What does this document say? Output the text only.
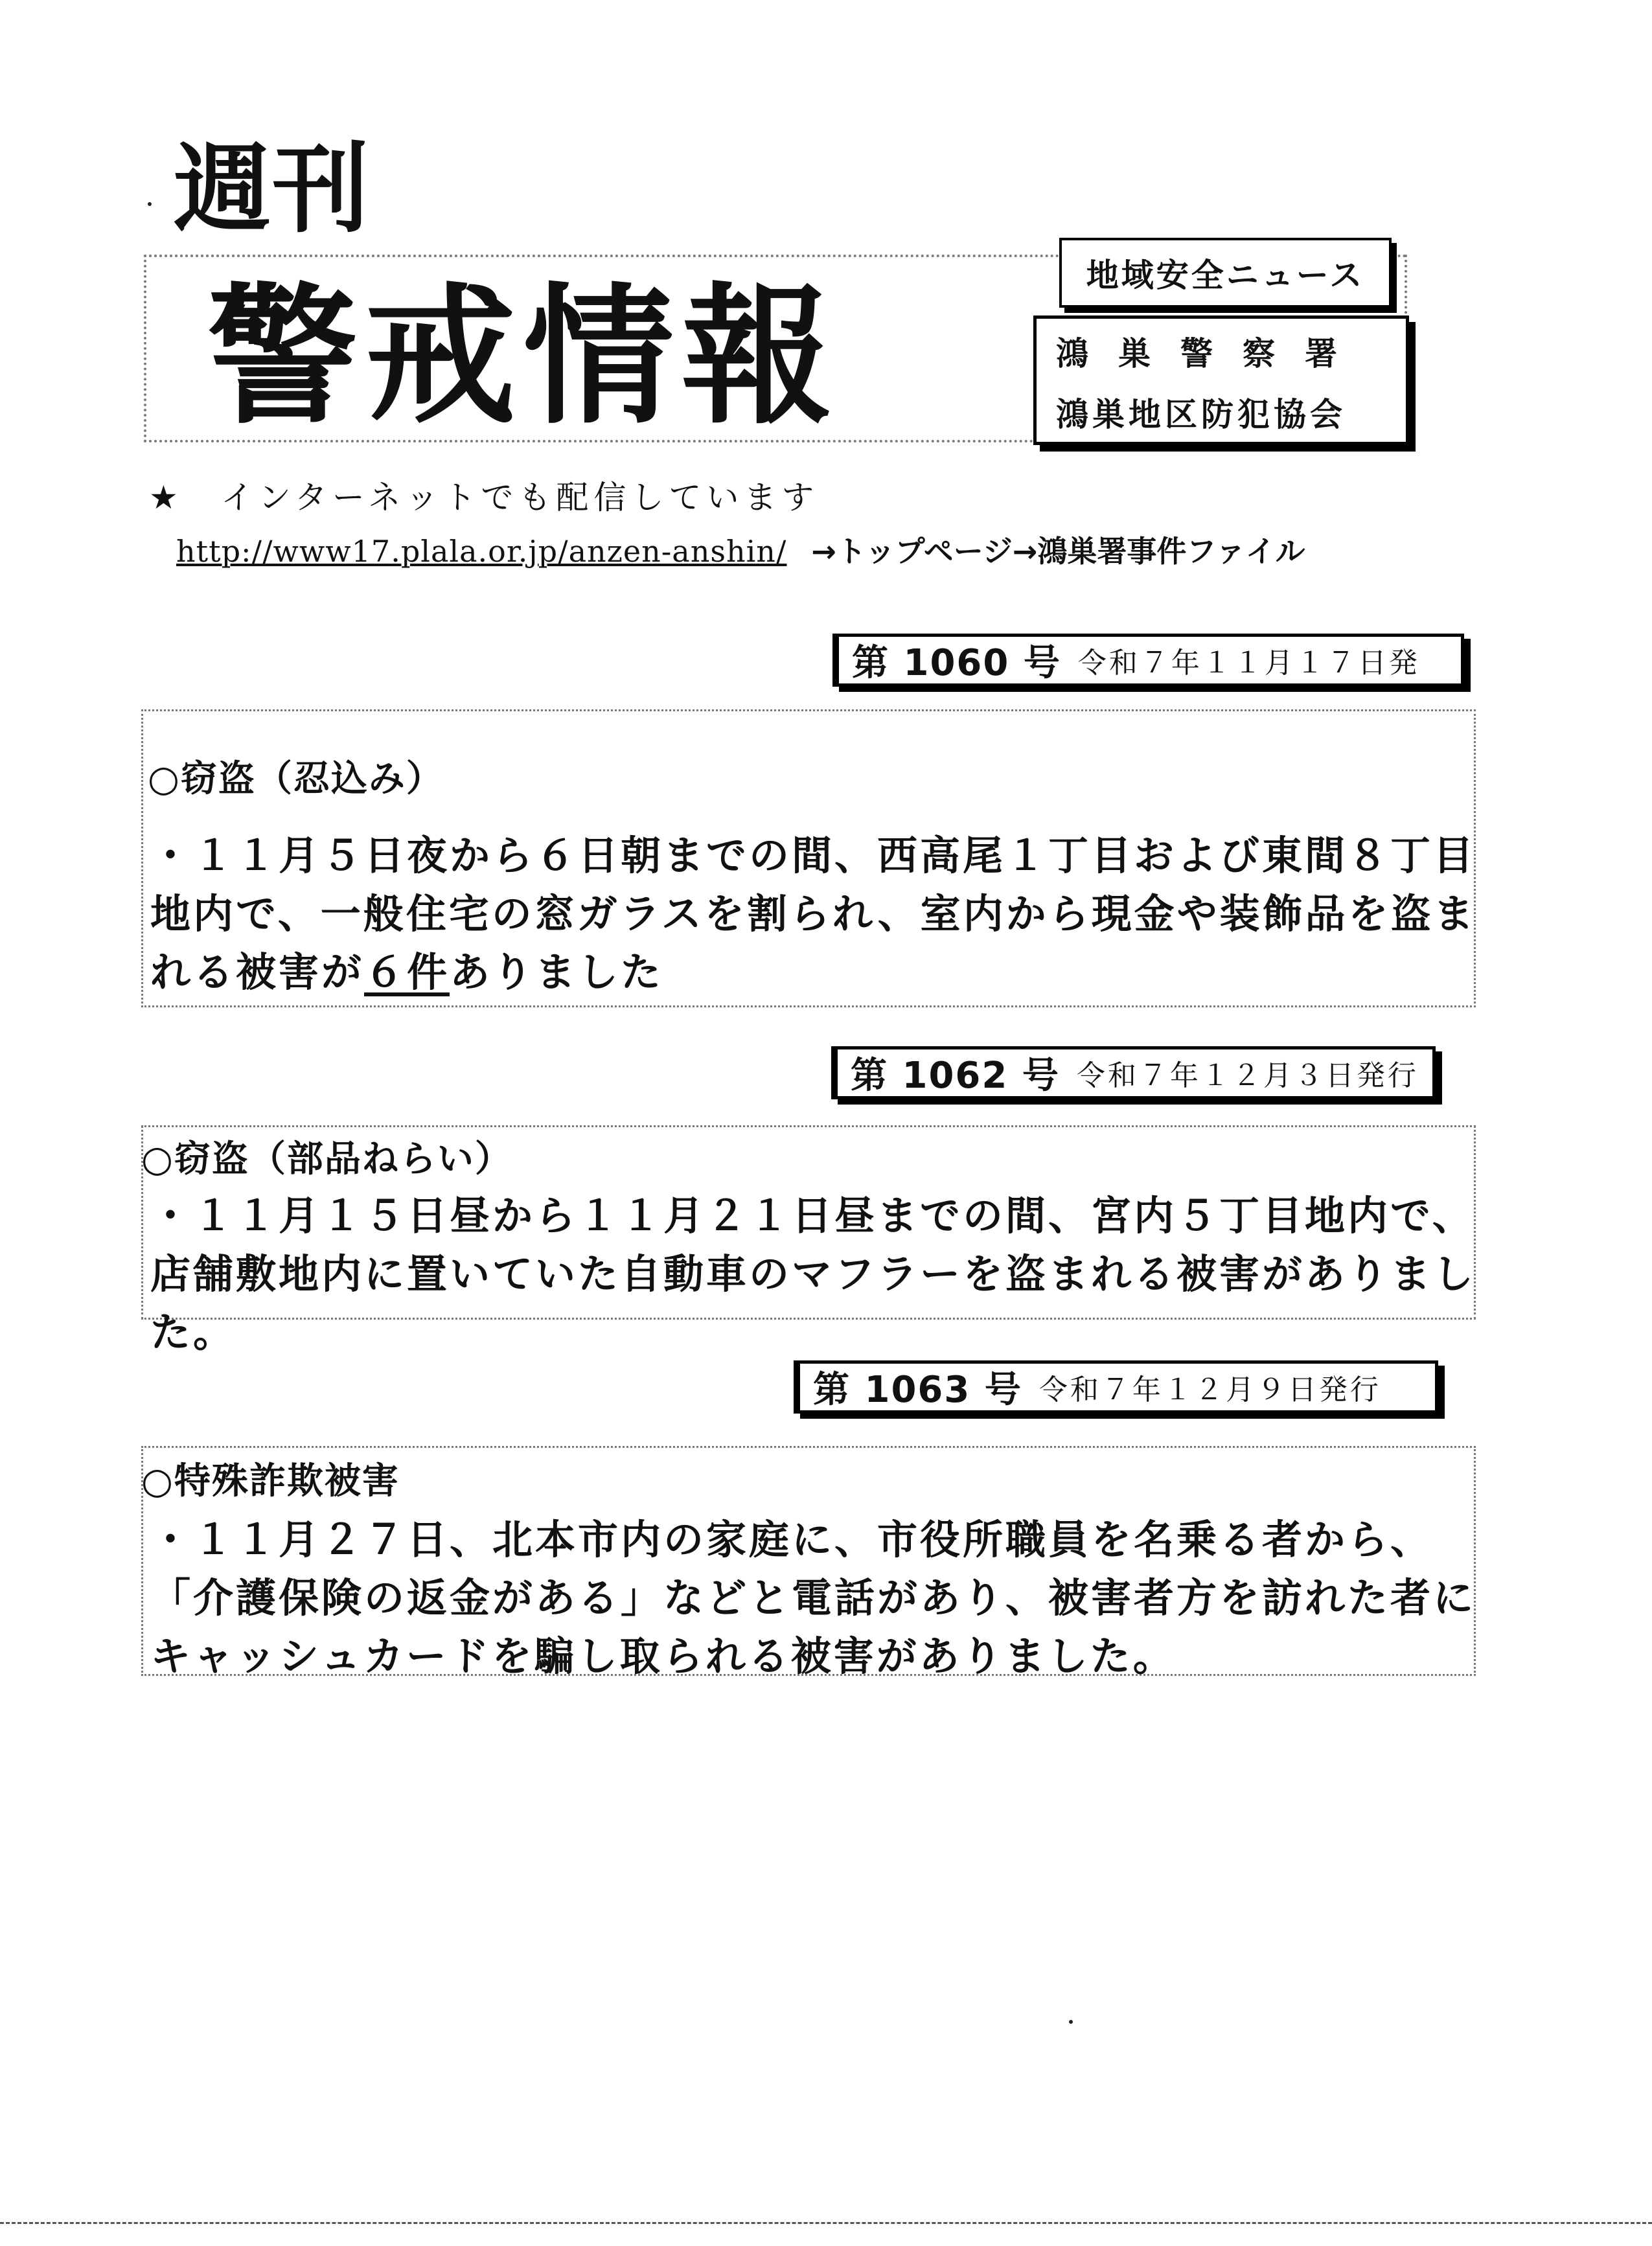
週刊
警戒情報	地域安全ニュース
鴻巣警察署
鴻巣地区防犯協会
★　インターネットでも配信しています
http://www17.plala.or.jp/anzen-anshin/ →トップページ→鴻巣署事件ファイル
第 1060 号 令和７年１１月１７日発
○窃盗（忍込み）
・１１月５日夜から６日朝までの間、西高尾１丁目および東間８丁目地内で、一般住宅の窓ガラスを割られ、室内から現金や装飾品を盗まれる被害が６件ありました
第 1062 号 令和７年１２月３日発行
○窃盗（部品ねらい）
・１１月１５日昼から１１月２１日昼までの間、宮内５丁目地内で、店舗敷地内に置いていた自動車のマフラーを盗まれる被害がありました。
第 1063 号 令和７年１２月９日発行
○特殊詐欺被害
・１１月２７日、北本市内の家庭に、市役所職員を名乗る者から、「介護保険の返金がある」などと電話があり、被害者方を訪れた者にキャッシュカードを騙し取られる被害がありました。
